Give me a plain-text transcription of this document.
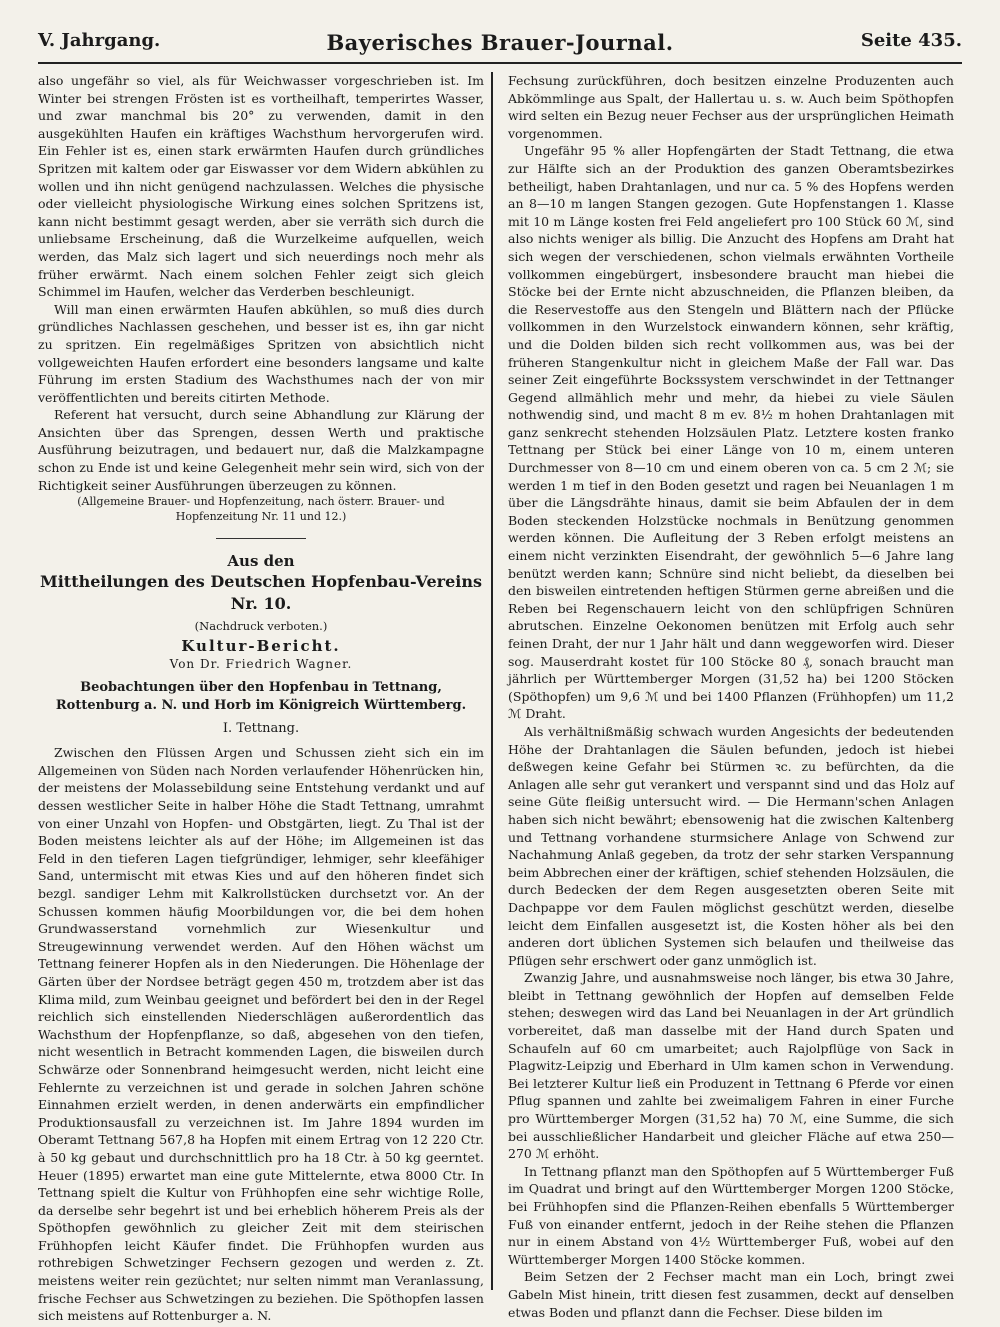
V. Jahrgang.	Bayerisches Brauer-Journal.	Seite 435.

also ungefähr so viel, als für Weichwasser vorgeschrieben ist. Im Winter bei strengen Frösten ist es vortheilhaft, temperirtes Wasser, und zwar manchmal bis 20° zu verwenden, damit in den ausgekühlten Haufen ein kräftiges Wachsthum hervorgerufen wird. Ein Fehler ist es, einen stark erwärmten Haufen durch gründliches Spritzen mit kaltem oder gar Eiswasser vor dem Widern abkühlen zu wollen und ihn nicht genügend nachzulassen. Welches die physische oder vielleicht physiologische Wirkung eines solchen Spritzens ist, kann nicht bestimmt gesagt werden, aber sie verräth sich durch die unliebsame Erscheinung, daß die Wurzelkeime aufquellen, weich werden, das Malz sich lagert und sich neuerdings noch mehr als früher erwärmt. Nach einem solchen Fehler zeigt sich gleich Schimmel im Haufen, welcher das Verderben beschleunigt.

Will man einen erwärmten Haufen abkühlen, so muß dies durch gründliches Nachlassen geschehen, und besser ist es, ihn gar nicht zu spritzen. Ein regelmäßiges Spritzen von absichtlich nicht vollgeweichten Haufen erfordert eine besonders langsame und kalte Führung im ersten Stadium des Wachsthumes nach der von mir veröffentlichten und bereits citirten Methode.

Referent hat versucht, durch seine Abhandlung zur Klärung der Ansichten über das Sprengen, dessen Werth und praktische Ausführung beizutragen, und bedauert nur, daß die Malzkampagne schon zu Ende ist und keine Gelegenheit mehr sein wird, sich von der Richtigkeit seiner Ausführungen überzeugen zu können.

(Allgemeine Brauer- und Hopfenzeitung, nach österr. Brauer- und Hopfenzeitung Nr. 11 und 12.)

Aus den
Mittheilungen des Deutschen Hopfenbau-Vereins Nr. 10.
(Nachdruck verboten.)
Kultur-Bericht.
Von Dr. Friedrich Wagner.
Beobachtungen über den Hopfenbau in Tettnang, Rottenburg a. N. und Horb im Königreich Württemberg.
I. Tettnang.

Zwischen den Flüssen Argen und Schussen zieht sich ein im Allgemeinen von Süden nach Norden verlaufender Höhenrücken hin, der meistens der Molassebildung seine Entstehung verdankt und auf dessen westlicher Seite in halber Höhe die Stadt Tettnang, umrahmt von einer Unzahl von Hopfen- und Obstgärten, liegt. Zu Thal ist der Boden meistens leichter als auf der Höhe; im Allgemeinen ist das Feld in den tieferen Lagen tiefgründiger, lehmiger, sehr kleefähiger Sand, untermischt mit etwas Kies und auf den höheren findet sich bezgl. sandiger Lehm mit Kalkrollstücken durchsetzt vor. An der Schussen kommen häufig Moorbildungen vor, die bei dem hohen Grundwasserstand vornehmlich zur Wiesenkultur und Streugewinnung verwendet werden. Auf den Höhen wächst um Tettnang feinerer Hopfen als in den Niederungen. Die Höhenlage der Gärten über der Nordsee beträgt gegen 450 m, trotzdem aber ist das Klima mild, zum Weinbau geeignet und befördert bei den in der Regel reichlich sich einstellenden Niederschlägen außerordentlich das Wachsthum der Hopfenpflanze, so daß, abgesehen von den tiefen, nicht wesentlich in Betracht kommenden Lagen, die bisweilen durch Schwärze oder Sonnenbrand heimgesucht werden, nicht leicht eine Fehlernte zu verzeichnen ist und gerade in solchen Jahren schöne Einnahmen erzielt werden, in denen anderwärts ein empfindlicher Produktionsausfall zu verzeichnen ist. Im Jahre 1894 wurden im Oberamt Tettnang 567,8 ha Hopfen mit einem Ertrag von 12 220 Ctr. à 50 kg gebaut und durchschnittlich pro ha 18 Ctr. à 50 kg geerntet. Heuer (1895) erwartet man eine gute Mittelernte, etwa 8000 Ctr. In Tettnang spielt die Kultur von Frühhopfen eine sehr wichtige Rolle, da derselbe sehr begehrt ist und bei erheblich höherem Preis als der Spöthopfen gewöhnlich zu gleicher Zeit mit dem steirischen Frühhopfen leicht Käufer findet. Die Frühhopfen wurden aus rothrebigen Schwetzinger Fechsern gezogen und werden z. Zt. meistens weiter rein gezüchtet; nur selten nimmt man Veranlassung, frische Fechser aus Schwetzingen zu beziehen. Die Spöthopfen lassen sich meistens auf Rottenburger a. N.

Fechsung zurückführen, doch besitzen einzelne Produzenten auch Abkömmlinge aus Spalt, der Hallertau u. s. w. Auch beim Spöthopfen wird selten ein Bezug neuer Fechser aus der ursprünglichen Heimath vorgenommen.

Ungefähr 95 % aller Hopfengärten der Stadt Tettnang, die etwa zur Hälfte sich an der Produktion des ganzen Oberamtsbezirkes betheiligt, haben Drahtanlagen, und nur ca. 5 % des Hopfens werden an 8—10 m langen Stangen gezogen. Gute Hopfenstangen 1. Klasse mit 10 m Länge kosten frei Feld angeliefert pro 100 Stück 60 ℳ, sind also nichts weniger als billig. Die Anzucht des Hopfens am Draht hat sich wegen der verschiedenen, schon vielmals erwähnten Vortheile vollkommen eingebürgert, insbesondere braucht man hiebei die Stöcke bei der Ernte nicht abzuschneiden, die Pflanzen bleiben, da die Reservestoffe aus den Stengeln und Blättern nach der Pflücke vollkommen in den Wurzelstock einwandern können, sehr kräftig, und die Dolden bilden sich recht vollkommen aus, was bei der früheren Stangenkultur nicht in gleichem Maße der Fall war. Das seiner Zeit eingeführte Bockssystem verschwindet in der Tettnanger Gegend allmählich mehr und mehr, da hiebei zu viele Säulen nothwendig sind, und macht 8 m ev. 8½ m hohen Drahtanlagen mit ganz senkrecht stehenden Holzsäulen Platz. Letztere kosten franko Tettnang per Stück bei einer Länge von 10 m, einem unteren Durchmesser von 8—10 cm und einem oberen von ca. 5 cm 2 ℳ; sie werden 1 m tief in den Boden gesetzt und ragen bei Neuanlagen 1 m über die Längsdrähte hinaus, damit sie beim Abfaulen der in dem Boden steckenden Holzstücke nochmals in Benützung genommen werden können. Die Aufleitung der 3 Reben erfolgt meistens an einem nicht verzinkten Eisendraht, der gewöhnlich 5—6 Jahre lang benützt werden kann; Schnüre sind nicht beliebt, da dieselben bei den bisweilen eintretenden heftigen Stürmen gerne abreißen und die Reben bei Regenschauern leicht von den schlüpfrigen Schnüren abrutschen. Einzelne Oekonomen benützen mit Erfolg auch sehr feinen Draht, der nur 1 Jahr hält und dann weggeworfen wird. Dieser sog. Mauserdraht kostet für 100 Stöcke 80 ₰, sonach braucht man jährlich per Württemberger Morgen (31,52 ha) bei 1200 Stöcken (Spöthopfen) um 9,6 ℳ und bei 1400 Pflanzen (Frühhopfen) um 11,2 ℳ Draht.

Als verhältnißmäßig schwach wurden Angesichts der bedeutenden Höhe der Drahtanlagen die Säulen befunden, jedoch ist hiebei deßwegen keine Gefahr bei Stürmen ꝛc. zu befürchten, da die Anlagen alle sehr gut verankert und verspannt sind und das Holz auf seine Güte fleißig untersucht wird. — Die Hermann'schen Anlagen haben sich nicht bewährt; ebensowenig hat die zwischen Kaltenberg und Tettnang vorhandene sturmsichere Anlage von Schwend zur Nachahmung Anlaß gegeben, da trotz der sehr starken Verspannung beim Abbrechen einer der kräftigen, schief stehenden Holzsäulen, die durch Bedecken der dem Regen ausgesetzten oberen Seite mit Dachpappe vor dem Faulen möglichst geschützt werden, dieselbe leicht dem Einfallen ausgesetzt ist, die Kosten höher als bei den anderen dort üblichen Systemen sich belaufen und theilweise das Pflügen sehr erschwert oder ganz unmöglich ist.

Zwanzig Jahre, und ausnahmsweise noch länger, bis etwa 30 Jahre, bleibt in Tettnang gewöhnlich der Hopfen auf demselben Felde stehen; deswegen wird das Land bei Neuanlagen in der Art gründlich vorbereitet, daß man dasselbe mit der Hand durch Spaten und Schaufeln auf 60 cm umarbeitet; auch Rajolpflüge von Sack in Plagwitz-Leipzig und Eberhard in Ulm kamen schon in Verwendung. Bei letzterer Kultur ließ ein Produzent in Tettnang 6 Pferde vor einen Pflug spannen und zahlte bei zweimaligem Fahren in einer Furche pro Württemberger Morgen (31,52 ha) 70 ℳ, eine Summe, die sich bei ausschließlicher Handarbeit und gleicher Fläche auf etwa 250—270 ℳ erhöht.

In Tettnang pflanzt man den Spöthopfen auf 5 Württemberger Fuß im Quadrat und bringt auf den Württemberger Morgen 1200 Stöcke, bei Frühhopfen sind die Pflanzen-Reihen ebenfalls 5 Württemberger Fuß von einander entfernt, jedoch in der Reihe stehen die Pflanzen nur in einem Abstand von 4½ Württemberger Fuß, wobei auf den Württemberger Morgen 1400 Stöcke kommen.

Beim Setzen der 2 Fechser macht man ein Loch, bringt zwei Gabeln Mist hinein, tritt diesen fest zusammen, deckt auf denselben etwas Boden und pflanzt dann die Fechser. Diese bilden im
